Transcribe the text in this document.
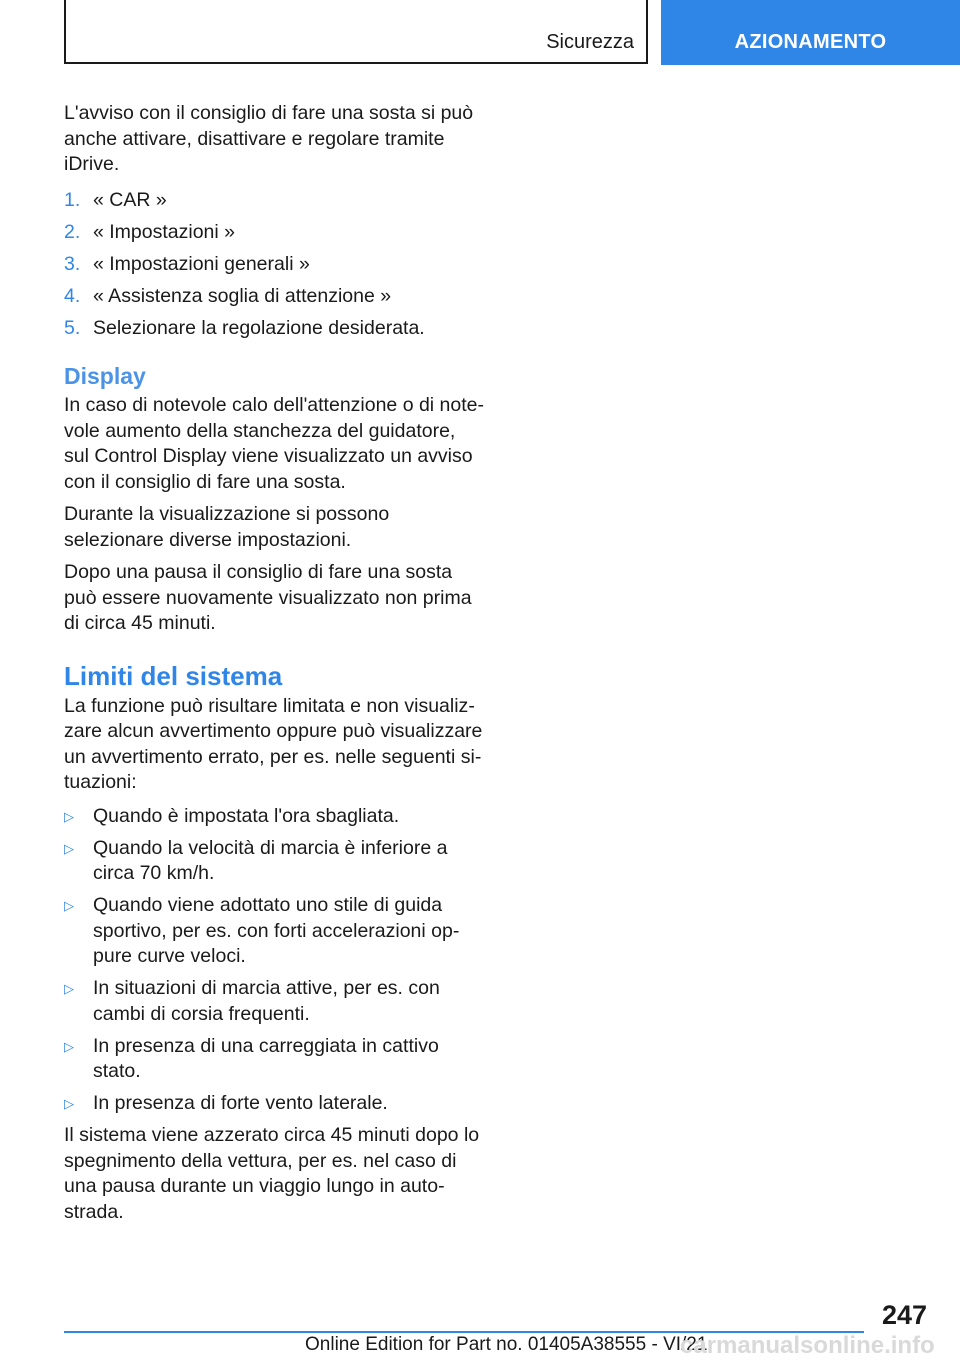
Sicurezza	AZIONAMENTO

L'avviso con il consiglio di fare una sosta si può anche attivare, disattivare e regolare tramite iDrive.

1. « CAR »
2. « Impostazioni »
3. « Impostazioni generali »
4. « Assistenza soglia di attenzione »
5. Selezionare la regolazione desiderata.
Display

In caso di notevole calo dell'attenzione o di notevole aumento della stanchezza del guidatore, sul Control Display viene visualizzato un avviso con il consiglio di fare una sosta.

Durante la visualizzazione si possono selezionare diverse impostazioni.

Dopo una pausa il consiglio di fare una sosta può essere nuovamente visualizzato non prima di circa 45 minuti.

Limiti del sistema

La funzione può risultare limitata e non visualizzare alcun avvertimento oppure può visualizzare un avvertimento errato, per es. nelle seguenti situazioni:

▷ Quando è impostata l'ora sbagliata.
▷ Quando la velocità di marcia è inferiore a circa 70 km/h.
▷ Quando viene adottato uno stile di guida sportivo, per es. con forti accelerazioni oppure curve veloci.
▷ In situazioni di marcia attive, per es. con cambi di corsia frequenti.
▷ In presenza di una carreggiata in cattivo stato.
▷ In presenza di forte vento laterale.

Il sistema viene azzerato circa 45 minuti dopo lo spegnimento della vettura, per es. nel caso di una pausa durante un viaggio lungo in autostrada.

247
Online Edition for Part no. 01405A38555 - VI/21
carmanualsonline.info
